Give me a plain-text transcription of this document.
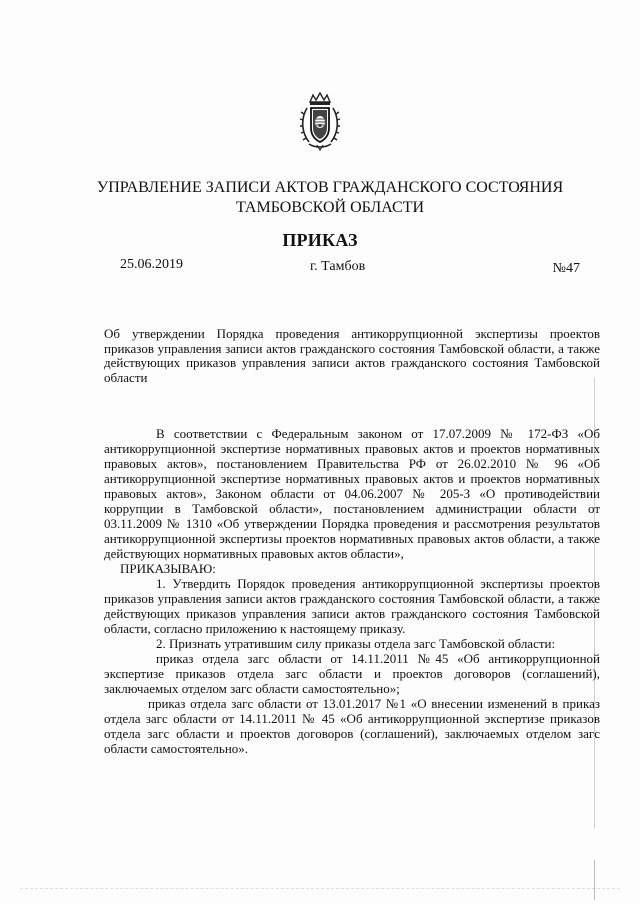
УПРАВЛЕНИЕ ЗАПИСИ АКТОВ ГРАЖДАНСКОГО СОСТОЯНИЯ
ТАМБОВСКОЙ ОБЛАСТИ
ПРИКАЗ
25.06.2019	г. Тамбов	№47
Об утверждении Порядка проведения антикоррупционной экспертизы проектов приказов управления записи актов гражданского состояния Тамбовской области, а также действующих приказов управления записи актов гражданского состояния Тамбовской области

В соответствии с Федеральным законом от 17.07.2009 № 172-ФЗ «Об антикоррупционной экспертизе нормативных правовых актов и проектов нормативных правовых актов», постановлением Правительства РФ от 26.02.2010 № 96 «Об антикоррупционной экспертизе нормативных правовых актов и проектов нормативных правовых актов», Законом области от 04.06.2007 № 205-З «О противодействии коррупции в Тамбовской области», постановлением администрации области от 03.11.2009 № 1310 «Об утверждении Порядка проведения и рассмотрения результатов антикоррупционной экспертизы проектов нормативных правовых актов области, а также действующих нормативных правовых актов области»,

ПРИКАЗЫВАЮ:

1. Утвердить Порядок проведения антикоррупционной экспертизы проектов приказов управления записи актов гражданского состояния Тамбовской области, а также действующих приказов управления записи актов гражданского состояния Тамбовской области, согласно приложению к настоящему приказу.

2. Признать утратившим силу приказы отдела загс Тамбовской области:

приказ отдела загс области от 14.11.2011 №45 «Об антикоррупционной экспертизе приказов отдела загс области и проектов договоров (соглашений), заключаемых отделом загс области самостоятельно»;

приказ отдела загс области от 13.01.2017 №1 «О внесении изменений в приказ отдела загс области от 14.11.2011 № 45 «Об антикоррупционной экспертизе приказов отдела загс области и проектов договоров (соглашений), заключаемых отделом загс области самостоятельно».
